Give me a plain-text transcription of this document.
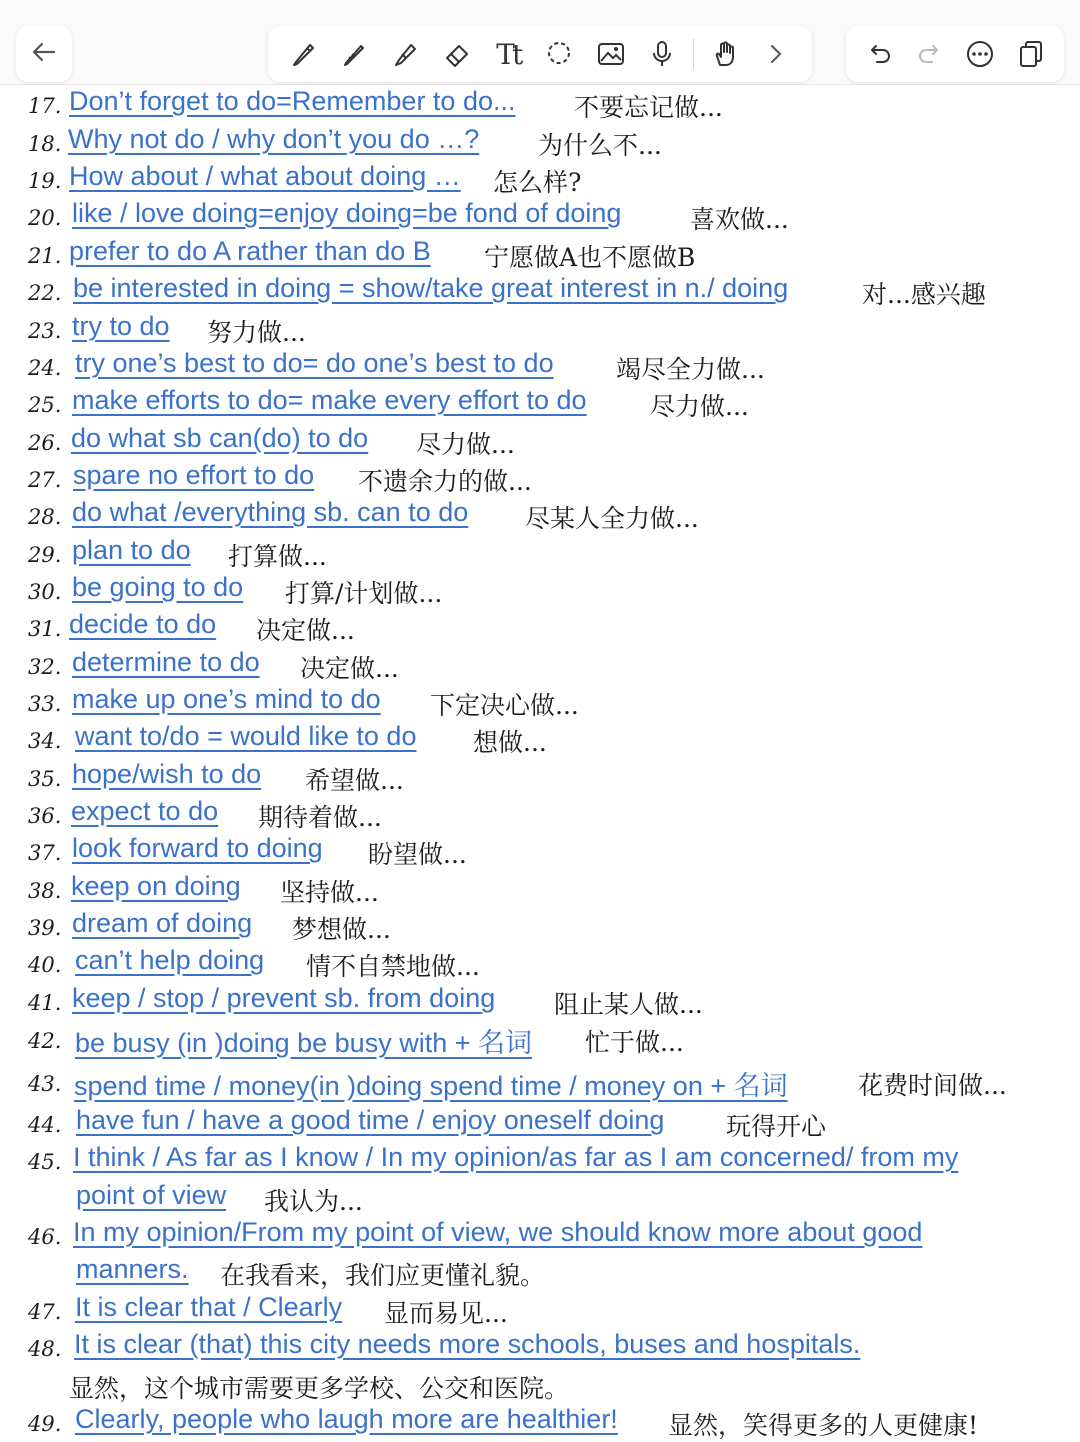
Tt
17. Don’t forget to do=Remember to do... 不要忘记做...
18. Why not do / why don’t you do …? 为什么不...
19. How about / what about doing … 怎么样?
20. like / love doing=enjoy doing=be fond of doing	喜欢做...
21. prefer to do A rather than do B 宁愿做A也不愿做B
22. be interested in doing = show/take great interest in n./ doing	对...感兴趣
23. try to do 努力做...
24. try one’s best to do= do one’s best to do 竭尽全力做...
25. make efforts to do= make every effort to do	尽力做...
26. do what sb can(do) to do 尽力做...
27. spare no effort to do 不遗余力的做...
28. do what /everything sb. can to do 尽某人全力做...
29. plan to do 打算做...
30. be going to do 打算/计划做...
31. decide to do 决定做...
32. determine to do 决定做...
33. make up one’s mind to do 下定决心做...
34. want to/do = would like to do 想做...
35. hope/wish to do 希望做...
36. expect to do 期待着做...
37. look forward to doing 盼望做...
38. keep on doing 坚持做...
39. dream of doing 梦想做...
40. can’t help doing 情不自禁地做...
41. keep / stop / prevent sb. from doing 阻止某人做...
42. be busy (in )doing be busy with + 名词 忙于做...
43. spend time / money(in )doing spend time / money on + 名词	花费时间做...
44. have fun / have a good time / enjoy oneself doing 玩得开心
45. I think / As far as I know / In my opinion/as far as I am concerned/ from my
point of view 我认为...
46. In my opinion/From my point of view, we should know more about good
manners. 在我看来，我们应更懂礼貌。
47. It is clear that / Clearly 显而易见...
48. It is clear (that) this city needs more schools, buses and hospitals.
显然，这个城市需要更多学校、公交和医院。
49. Clearly, people who laugh more are healthier! 显然，笑得更多的人更健康!
